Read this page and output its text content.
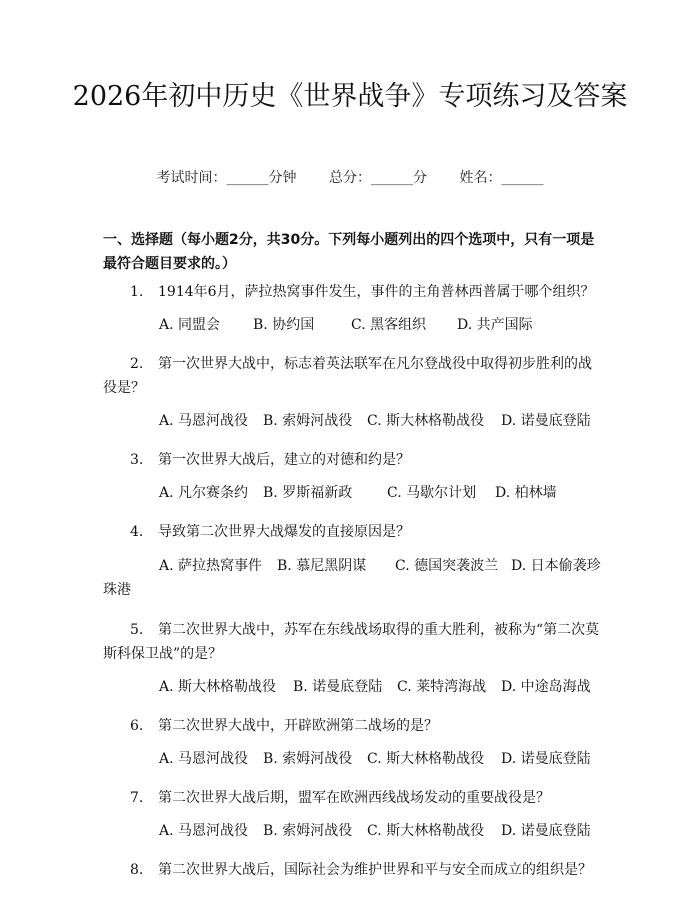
2026年初中历史《世界战争》专项练习及答案
考试时间：______分钟 总分：______分 姓名：______
一、选择题（每小题2分，共30分。下列每小题列出的四个选项中，只有一项是最符合题目要求的。）

1. 1914年6月，萨拉热窝事件发生，事件的主角普林西普属于哪个组织？

A. 同盟会 B. 协约国	C. 黑客组织 D. 共产国际

2. 第一次世界大战中，标志着英法联军在凡尔登战役中取得初步胜利的战役是？

A. 马恩河战役 B. 索姆河战役 C. 斯大林格勒战役 D. 诺曼底登陆

3. 第一次世界大战后，建立的对德和约是？

A. 凡尔赛条约 B. 罗斯福新政 C. 马歇尔计划 D. 柏林墙

4. 导致第二次世界大战爆发的直接原因是？

A. 萨拉热窝事件 B. 慕尼黑阴谋 C. 德国突袭波兰 D. 日本偷袭珍珠港

5. 第二次世界大战中，苏军在东线战场取得的重大胜利，被称为“第二次莫斯科保卫战”的是？

A. 斯大林格勒战役 B. 诺曼底登陆 C. 莱特湾海战 D. 中途岛海战

6. 第二次世界大战中，开辟欧洲第二战场的是？

A. 马恩河战役 B. 索姆河战役 C. 斯大林格勒战役 D. 诺曼底登陆

7. 第二次世界大战后期，盟军在欧洲西线战场发动的重要战役是？

A. 马恩河战役 B. 索姆河战役 C. 斯大林格勒战役 D. 诺曼底登陆

8. 第二次世界大战后，国际社会为维护世界和平与安全而成立的组织是？
